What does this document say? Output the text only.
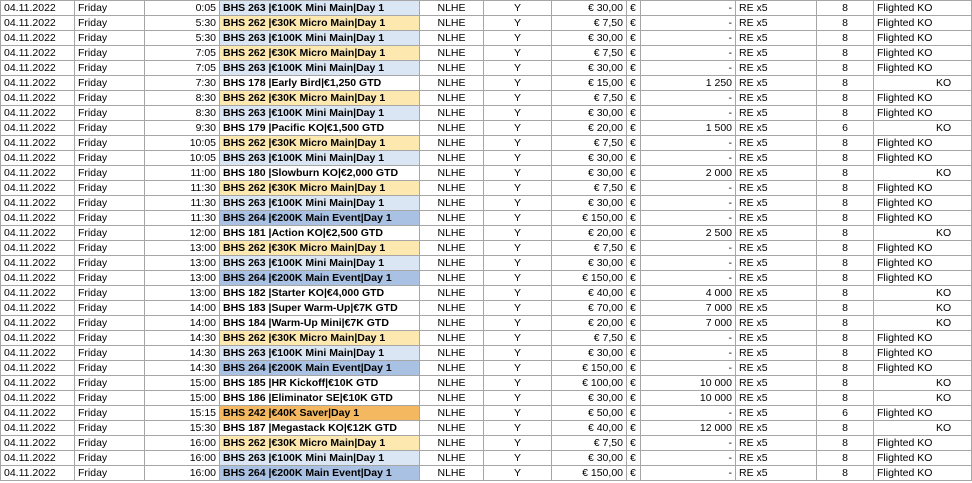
04.11.2022	Friday	0:05	BHS 263 |€100K Mini Main|Day 1	NLHE	Y	€ 30,00	€	-	RE x5	8	Flighted KO
04.11.2022	Friday	5:30	BHS 262 |€30K Micro Main|Day 1	NLHE	Y	€ 7,50	€	-	RE x5	8	Flighted KO
04.11.2022	Friday	5:30	BHS 263 |€100K Mini Main|Day 1	NLHE	Y	€ 30,00	€	-	RE x5	8	Flighted KO
04.11.2022	Friday	7:05	BHS 262 |€30K Micro Main|Day 1	NLHE	Y	€ 7,50	€	-	RE x5	8	Flighted KO
04.11.2022	Friday	7:05	BHS 263 |€100K Mini Main|Day 1	NLHE	Y	€ 30,00	€	-	RE x5	8	Flighted KO
04.11.2022	Friday	7:30	BHS 178 |Early Bird|€1,250 GTD	NLHE	Y	€ 15,00	€	1 250	RE x5	8	KO
04.11.2022	Friday	8:30	BHS 262 |€30K Micro Main|Day 1	NLHE	Y	€ 7,50	€	-	RE x5	8	Flighted KO
04.11.2022	Friday	8:30	BHS 263 |€100K Mini Main|Day 1	NLHE	Y	€ 30,00	€	-	RE x5	8	Flighted KO
04.11.2022	Friday	9:30	BHS 179 |Pacific KO|€1,500 GTD	NLHE	Y	€ 20,00	€	1 500	RE x5	6	KO
04.11.2022	Friday	10:05	BHS 262 |€30K Micro Main|Day 1	NLHE	Y	€ 7,50	€	-	RE x5	8	Flighted KO
04.11.2022	Friday	10:05	BHS 263 |€100K Mini Main|Day 1	NLHE	Y	€ 30,00	€	-	RE x5	8	Flighted KO
04.11.2022	Friday	11:00	BHS 180 |Slowburn KO|€2,000 GTD	NLHE	Y	€ 30,00	€	2 000	RE x5	8	KO
04.11.2022	Friday	11:30	BHS 262 |€30K Micro Main|Day 1	NLHE	Y	€ 7,50	€	-	RE x5	8	Flighted KO
04.11.2022	Friday	11:30	BHS 263 |€100K Mini Main|Day 1	NLHE	Y	€ 30,00	€	-	RE x5	8	Flighted KO
04.11.2022	Friday	11:30	BHS 264 |€200K Main Event|Day 1	NLHE	Y	€ 150,00	€	-	RE x5	8	Flighted KO
04.11.2022	Friday	12:00	BHS 181 |Action KO|€2,500 GTD	NLHE	Y	€ 20,00	€	2 500	RE x5	8	KO
04.11.2022	Friday	13:00	BHS 262 |€30K Micro Main|Day 1	NLHE	Y	€ 7,50	€	-	RE x5	8	Flighted KO
04.11.2022	Friday	13:00	BHS 263 |€100K Mini Main|Day 1	NLHE	Y	€ 30,00	€	-	RE x5	8	Flighted KO
04.11.2022	Friday	13:00	BHS 264 |€200K Main Event|Day 1	NLHE	Y	€ 150,00	€	-	RE x5	8	Flighted KO
04.11.2022	Friday	13:00	BHS 182 |Starter KO|€4,000 GTD	NLHE	Y	€ 40,00	€	4 000	RE x5	8	KO
04.11.2022	Friday	14:00	BHS 183 |Super Warm-Up|€7K GTD	NLHE	Y	€ 70,00	€	7 000	RE x5	8	KO
04.11.2022	Friday	14:00	BHS 184 |Warm-Up Mini|€7K GTD	NLHE	Y	€ 20,00	€	7 000	RE x5	8	KO
04.11.2022	Friday	14:30	BHS 262 |€30K Micro Main|Day 1	NLHE	Y	€ 7,50	€	-	RE x5	8	Flighted KO
04.11.2022	Friday	14:30	BHS 263 |€100K Mini Main|Day 1	NLHE	Y	€ 30,00	€	-	RE x5	8	Flighted KO
04.11.2022	Friday	14:30	BHS 264 |€200K Main Event|Day 1	NLHE	Y	€ 150,00	€	-	RE x5	8	Flighted KO
04.11.2022	Friday	15:00	BHS 185 |HR Kickoff|€10K GTD	NLHE	Y	€ 100,00	€	10 000	RE x5	8	KO
04.11.2022	Friday	15:00	BHS 186 |Eliminator SE|€10K GTD	NLHE	Y	€ 30,00	€	10 000	RE x5	8	KO
04.11.2022	Friday	15:15	BHS 242 |€40K Saver|Day 1	NLHE	Y	€ 50,00	€	-	RE x5	6	Flighted KO
04.11.2022	Friday	15:30	BHS 187 |Megastack KO|€12K GTD	NLHE	Y	€ 40,00	€	12 000	RE x5	8	KO
04.11.2022	Friday	16:00	BHS 262 |€30K Micro Main|Day 1	NLHE	Y	€ 7,50	€	-	RE x5	8	Flighted KO
04.11.2022	Friday	16:00	BHS 263 |€100K Mini Main|Day 1	NLHE	Y	€ 30,00	€	-	RE x5	8	Flighted KO
04.11.2022	Friday	16:00	BHS 264 |€200K Main Event|Day 1	NLHE	Y	€ 150,00	€	-	RE x5	8	Flighted KO
